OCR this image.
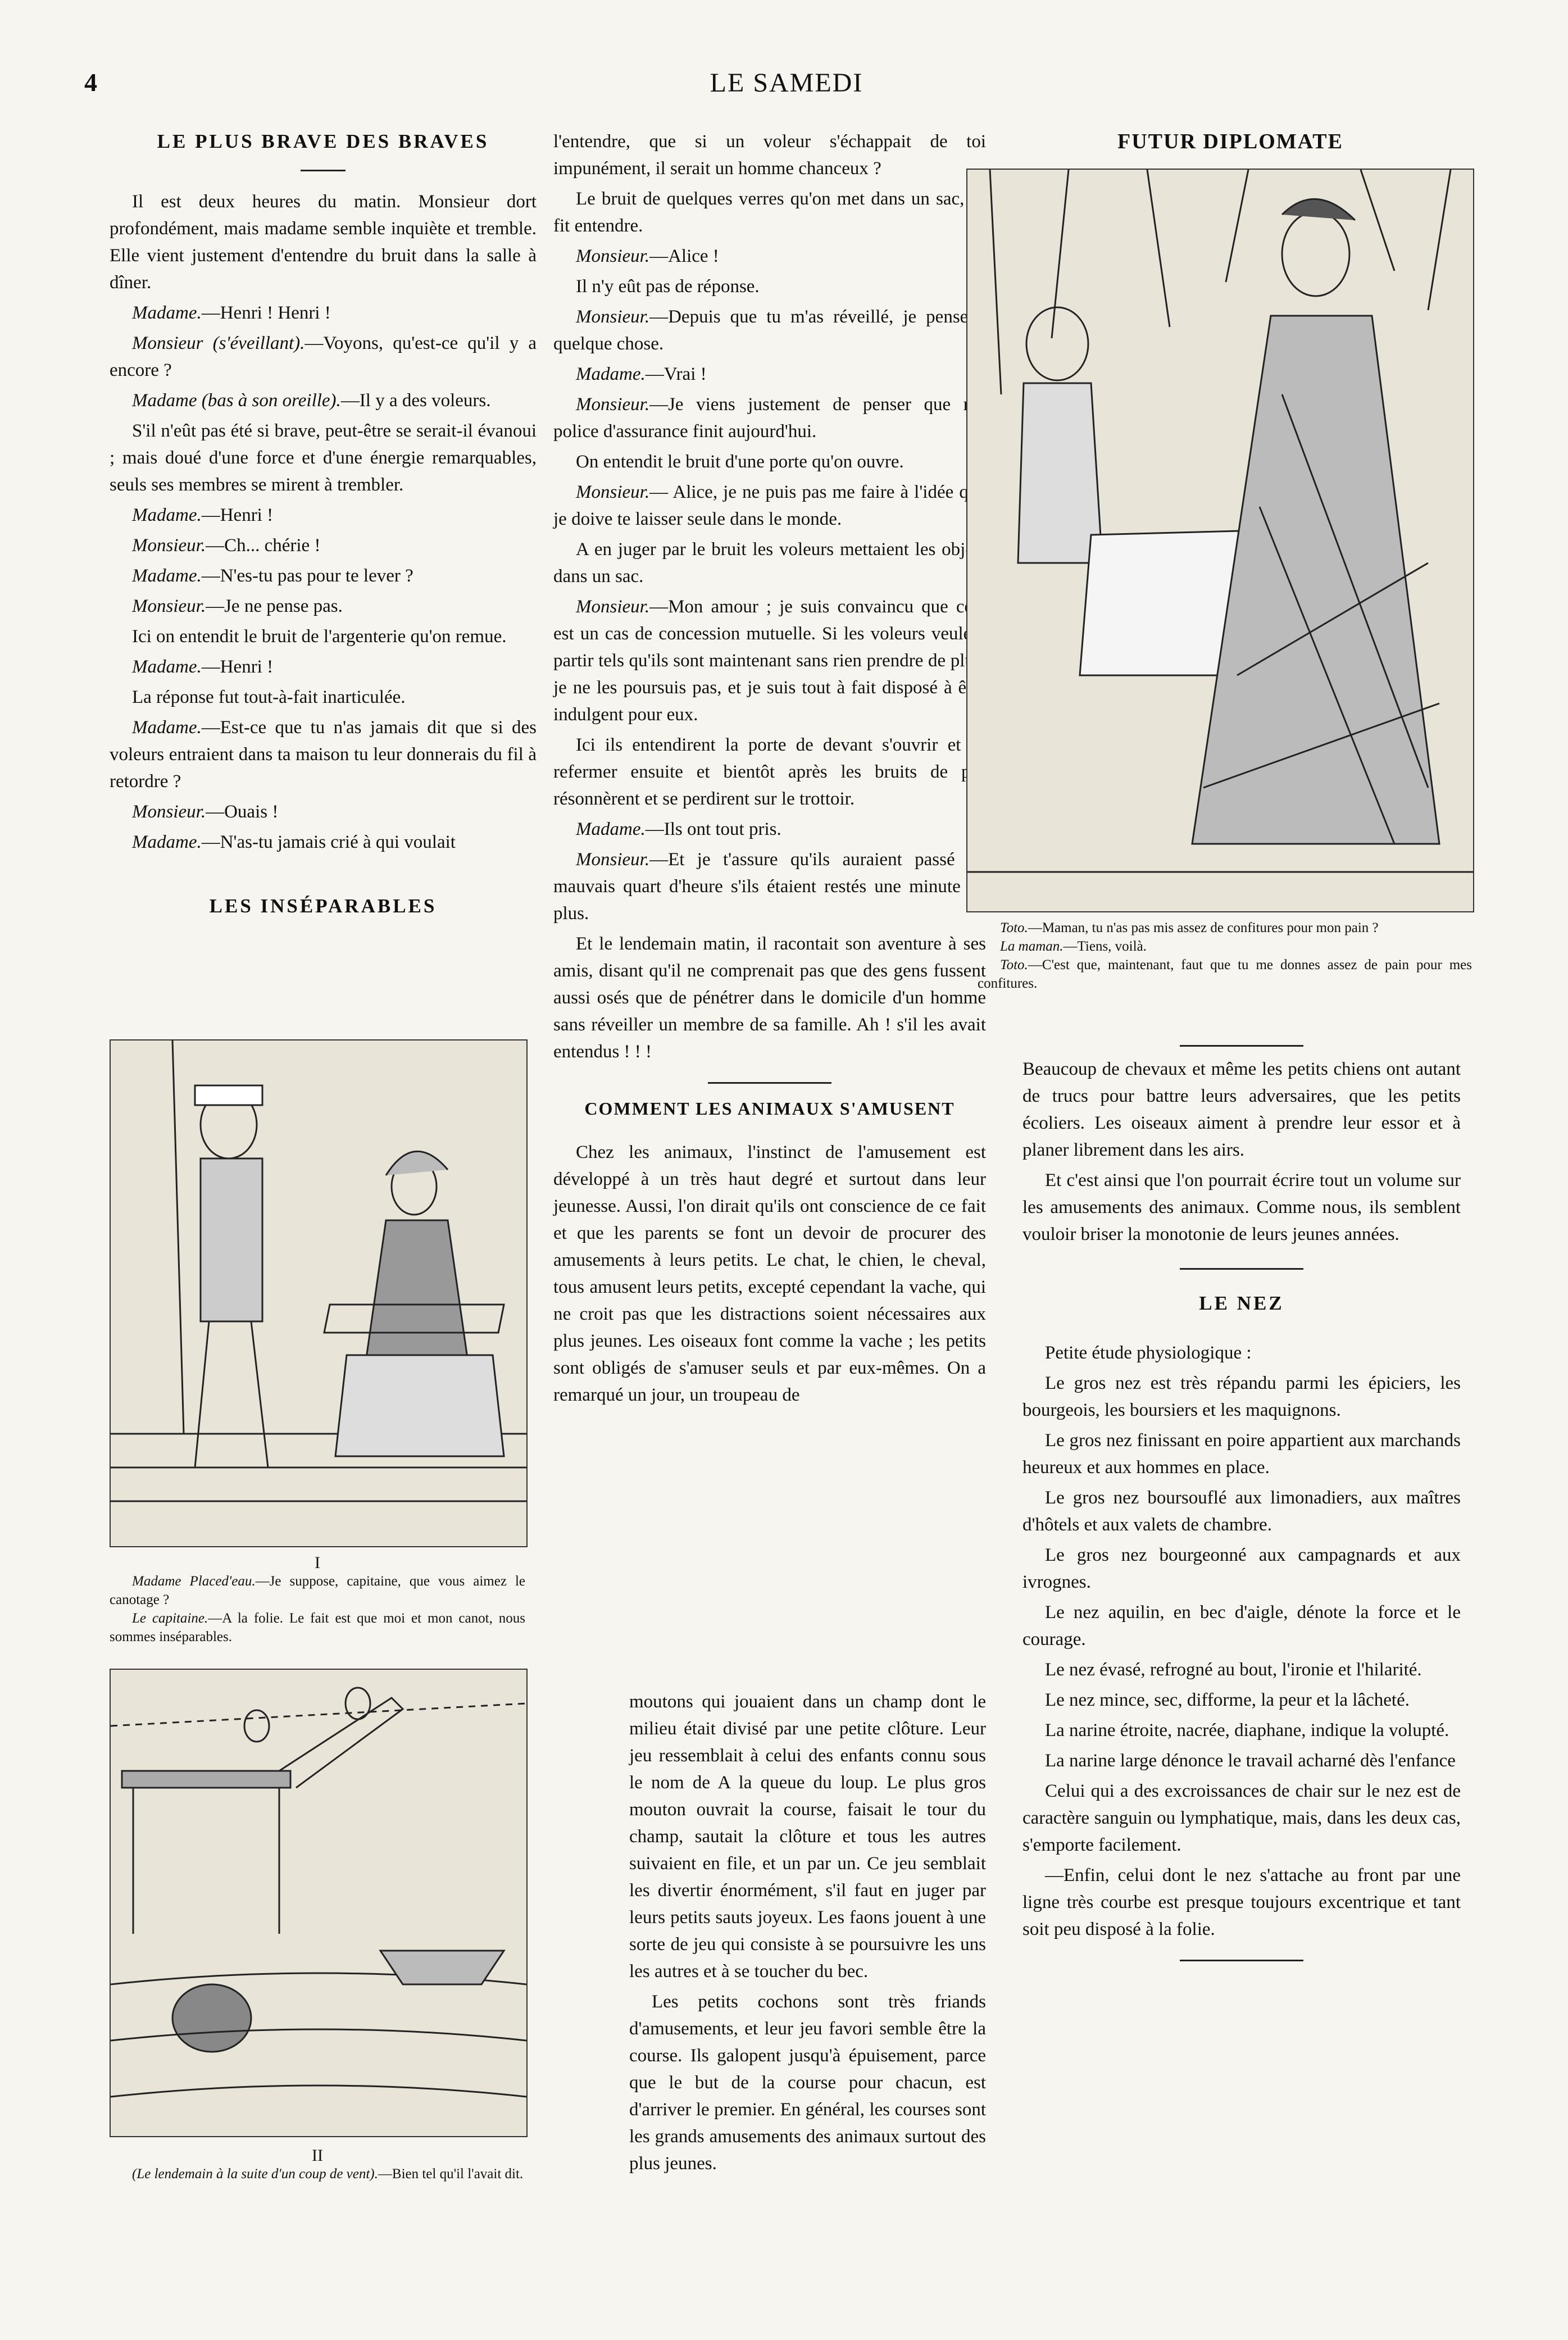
4	LE SAMEDI
LE PLUS BRAVE DES BRAVES

Il est deux heures du matin. Monsieur dort profondément, mais madame semble inquiète et tremble. Elle vient justement d'entendre du bruit dans la salle à dîner.

Madame.—Henri ! Henri !

Monsieur (s'éveillant).—Voyons, qu'est-ce qu'il y a encore ?

Madame (bas à son oreille).—Il y a des voleurs.

S'il n'eût pas été si brave, peut-être se serait-il évanoui ; mais doué d'une force et d'une énergie remarquables, seuls ses membres se mirent à trembler.

Madame.—Henri !

Monsieur.—Ch... chérie !

Madame.—N'es-tu pas pour te lever ?

Monsieur.—Je ne pense pas.

Ici on entendit le bruit de l'argenterie qu'on remue.

Madame.—Henri !

La réponse fut tout-à-fait inarticulée.

Madame.—Est-ce que tu n'as jamais dit que si des voleurs entraient dans ta maison tu leur donnerais du fil à retordre ?

Monsieur.—Ouais !

Madame.—N'as-tu jamais crié à qui voulait

LES INSÉPARABLES

I

Madame Placed'eau.—Je suppose, capitaine, que vous aimez le canotage ?

Le capitaine.—A la folie. Le fait est que moi et mon canot, nous sommes inséparables.

II

(Le lendemain à la suite d'un coup de vent).—Bien tel qu'il l'avait dit.

l'entendre, que si un voleur s'échappait de toi impunément, il serait un homme chanceux ?

Le bruit de quelques verres qu'on met dans un sac, se fit entendre.

Monsieur.—Alice !

Il n'y eût pas de réponse.

Monsieur.—Depuis que tu m'as réveillé, je pense à quelque chose.

Madame.—Vrai !

Monsieur.—Je viens justement de penser que ma police d'assurance finit aujourd'hui.

On entendit le bruit d'une porte qu'on ouvre.

Monsieur.— Alice, je ne puis pas me faire à l'idée que je doive te laisser seule dans le monde.

A en juger par le bruit les voleurs mettaient les objets dans un sac.

Monsieur.—Mon amour ; je suis convaincu que ceci est un cas de concession mutuelle. Si les voleurs veulent partir tels qu'ils sont maintenant sans rien prendre de plus, je ne les poursuis pas, et je suis tout à fait disposé à être indulgent pour eux.

Ici ils entendirent la porte de devant s'ouvrir et se refermer ensuite et bientôt après les bruits de pas résonnèrent et se perdirent sur le trottoir.

Madame.—Ils ont tout pris.

Monsieur.—Et je t'assure qu'ils auraient passé un mauvais quart d'heure s'ils étaient restés une minute de plus.

Et le lendemain matin, il racontait son aventure à ses amis, disant qu'il ne comprenait pas que des gens fussent aussi osés que de pénétrer dans le domicile d'un homme sans réveiller un membre de sa famille. Ah ! s'il les avait entendus ! ! !

COMMENT LES ANIMAUX S'AMUSENT

Chez les animaux, l'instinct de l'amusement est développé à un très haut degré et surtout dans leur jeunesse. Aussi, l'on dirait qu'ils ont conscience de ce fait et que les parents se font un devoir de procurer des amusements à leurs petits. Le chat, le chien, le cheval, tous amusent leurs petits, excepté cependant la vache, qui ne croit pas que les distractions soient nécessaires aux plus jeunes. Les oiseaux font comme la vache ; les petits sont obligés de s'amuser seuls et par eux-mêmes. On a remarqué un jour, un troupeau de

moutons qui jouaient dans un champ dont le milieu était divisé par une petite clôture. Leur jeu ressemblait à celui des enfants connu sous le nom de A la queue du loup. Le plus gros mouton ouvrait la course, faisait le tour du champ, sautait la clôture et tous les autres suivaient en file, et un par un. Ce jeu semblait les divertir énormément, s'il faut en juger par leurs petits sauts joyeux. Les faons jouent à une sorte de jeu qui consiste à se poursuivre les uns les autres et à se toucher du bec.

Les petits cochons sont très friands d'amusements, et leur jeu favori semble être la course. Ils galopent jusqu'à épuisement, parce que le but de la course pour chacun, est d'arriver le premier. En général, les courses sont les grands amusements des animaux surtout des plus jeunes.

FUTUR DIPLOMATE

Toto.—Maman, tu n'as pas mis assez de confitures pour mon pain ?

La maman.—Tiens, voilà.

Toto.—C'est que, maintenant, faut que tu me donnes assez de pain pour mes confitures.

Beaucoup de chevaux et même les petits chiens ont autant de trucs pour battre leurs adversaires, que les petits écoliers. Les oiseaux aiment à prendre leur essor et à planer librement dans les airs.

Et c'est ainsi que l'on pourrait écrire tout un volume sur les amusements des animaux. Comme nous, ils semblent vouloir briser la monotonie de leurs jeunes années.

LE NEZ

Petite étude physiologique :

Le gros nez est très répandu parmi les épiciers, les bourgeois, les boursiers et les maquignons.

Le gros nez finissant en poire appartient aux marchands heureux et aux hommes en place.

Le gros nez boursouflé aux limonadiers, aux maîtres d'hôtels et aux valets de chambre.

Le gros nez bourgeonné aux campagnards et aux ivrognes.

Le nez aquilin, en bec d'aigle, dénote la force et le courage.

Le nez évasé, refrogné au bout, l'ironie et l'hilarité.

Le nez mince, sec, difforme, la peur et la lâcheté.

La narine étroite, nacrée, diaphane, indique la volupté.

La narine large dénonce le travail acharné dès l'enfance

Celui qui a des excroissances de chair sur le nez est de caractère sanguin ou lymphatique, mais, dans les deux cas, s'emporte facilement.

—Enfin, celui dont le nez s'attache au front par une ligne très courbe est presque toujours excentrique et tant soit peu disposé à la folie.
